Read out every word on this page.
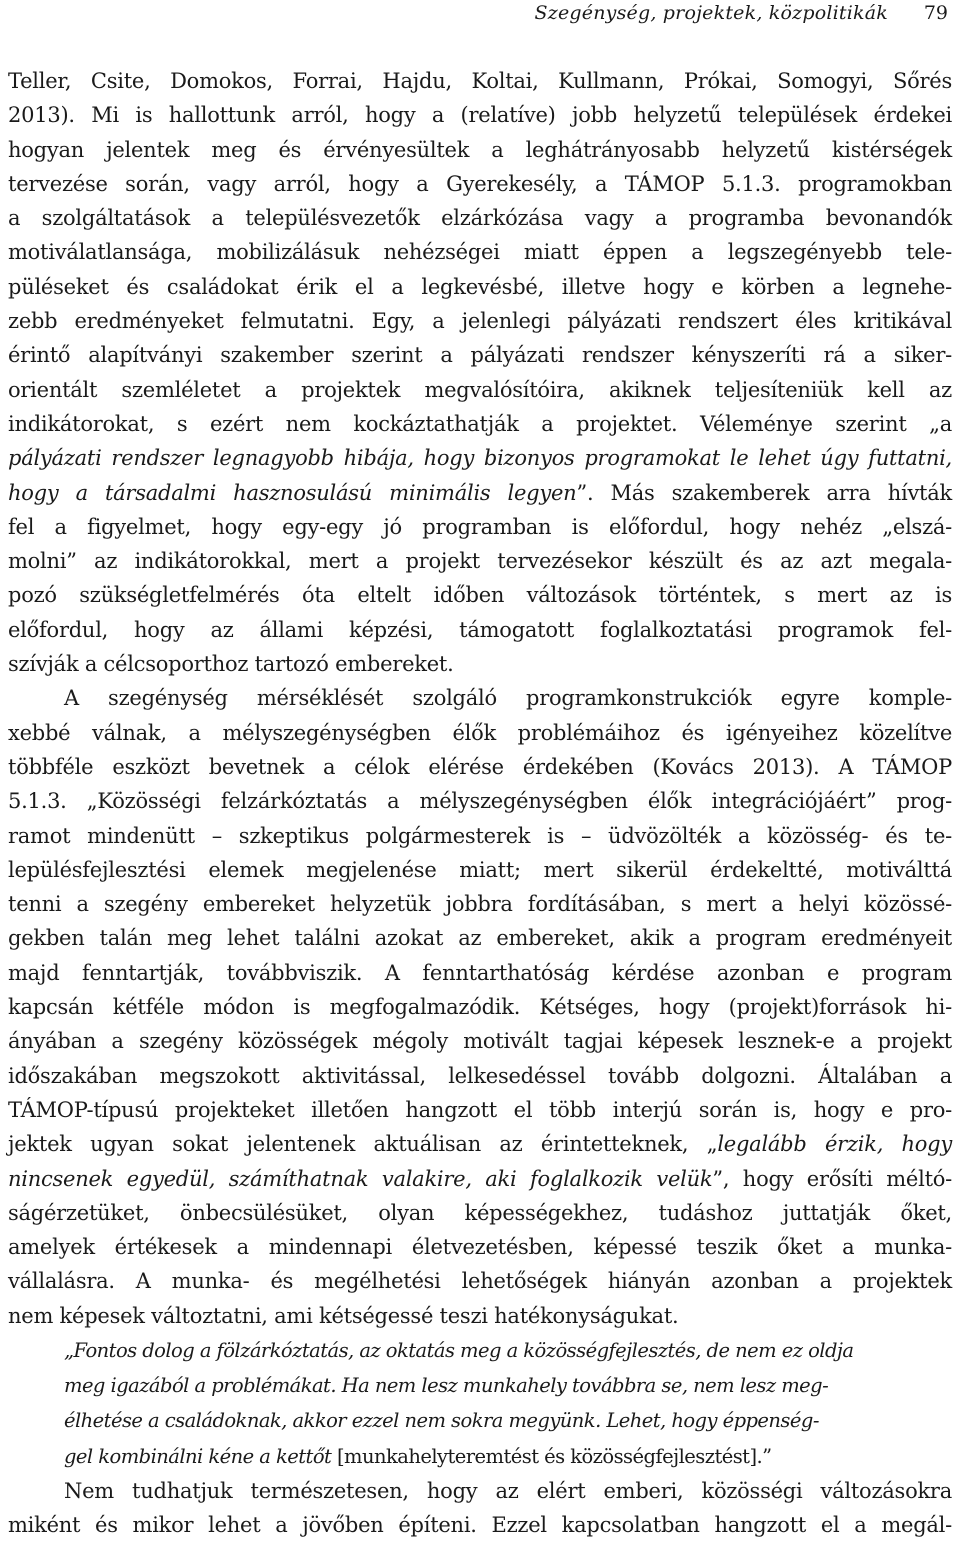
Szegénység, projektek, közpolitikák 79
Teller, Csite, Domokos, Forrai, Hajdu, Koltai, Kullmann, Prókai, Somogyi, Sőrés
2013). Mi is hallottunk arról, hogy a (relatíve) jobb helyzetű települések érdekei
hogyan jelentek meg és érvényesültek a leghátrányosabb helyzetű kistérségek
tervezése során, vagy arról, hogy a Gyerekesély, a TÁMOP 5.1.3. programokban
a szolgáltatások a településvezetők elzárkózása vagy a programba bevonandók
motiválatlansága, mobilizálásuk nehézségei miatt éppen a legszegényebb tele-
püléseket és családokat érik el a legkevésbé, illetve hogy e körben a legnehe-
zebb eredményeket felmutatni. Egy, a jelenlegi pályázati rendszert éles kritikával
érintő alapítványi szakember szerint a pályázati rendszer kényszeríti rá a siker-
orientált szemléletet a projektek megvalósítóira, akiknek teljesíteniük kell az
indikátorokat, s ezért nem kockáztathatják a projektet. Véleménye szerint „a
pályázati rendszer legnagyobb hibája, hogy bizonyos programokat le lehet úgy futtatni,
hogy a társadalmi hasznosulású minimális legyen”. Más szakemberek arra hívták
fel a figyelmet, hogy egy-egy jó programban is előfordul, hogy nehéz „elszá-
molni” az indikátorokkal, mert a projekt tervezésekor készült és az azt megala-
pozó szükségletfelmérés óta eltelt időben változások történtek, s mert az is
előfordul, hogy az állami képzési, támogatott foglalkoztatási programok fel-
szívják a célcsoporthoz tartozó embereket.
A szegénység mérséklését szolgáló programkonstrukciók egyre komple-
xebbé válnak, a mélyszegénységben élők problémáihoz és igényeihez közelítve
többféle eszközt bevetnek a célok elérése érdekében (Kovács 2013). A TÁMOP
5.1.3. „Közösségi felzárkóztatás a mélyszegénységben élők integrációjáért” prog-
ramot mindenütt – szkeptikus polgármesterek is – üdvözölték a közösség- és te-
lepülésfejlesztési elemek megjelenése miatt; mert sikerül érdekeltté, motiválttá
tenni a szegény embereket helyzetük jobbra fordításában, s mert a helyi közössé-
gekben talán meg lehet találni azokat az embereket, akik a program eredményeit
majd fenntartják, továbbviszik. A fenntarthatóság kérdése azonban e program
kapcsán kétféle módon is megfogalmazódik. Kétséges, hogy (projekt)források hi-
ányában a szegény közösségek mégoly motivált tagjai képesek lesznek-e a projekt
időszakában megszokott aktivitással, lelkesedéssel tovább dolgozni. Általában a
TÁMOP-típusú projekteket illetően hangzott el több interjú során is, hogy e pro-
jektek ugyan sokat jelentenek aktuálisan az érintetteknek, „legalább érzik, hogy
nincsenek egyedül, számíthatnak valakire, aki foglalkozik velük”, hogy erősíti méltó-
ságérzetüket, önbecsülésüket, olyan képességekhez, tudáshoz juttatják őket,
amelyek értékesek a mindennapi életvezetésben, képessé teszik őket a munka-
vállalásra. A munka- és megélhetési lehetőségek hiányán azonban a projektek
nem képesek változtatni, ami kétségessé teszi hatékonyságukat.
„Fontos dolog a fölzárkóztatás, az oktatás meg a közösségfejlesztés, de nem ez oldja
meg igazából a problémákat. Ha nem lesz munkahely továbbra se, nem lesz meg-
élhetése a családoknak, akkor ezzel nem sokra megyünk. Lehet, hogy éppenség-
gel kombinálni kéne a kettőt [munkahelyteremtést és közösségfejlesztést].”
Nem tudhatjuk természetesen, hogy az elért emberi, közösségi változásokra
miként és mikor lehet a jövőben építeni. Ezzel kapcsolatban hangzott el a megál-
